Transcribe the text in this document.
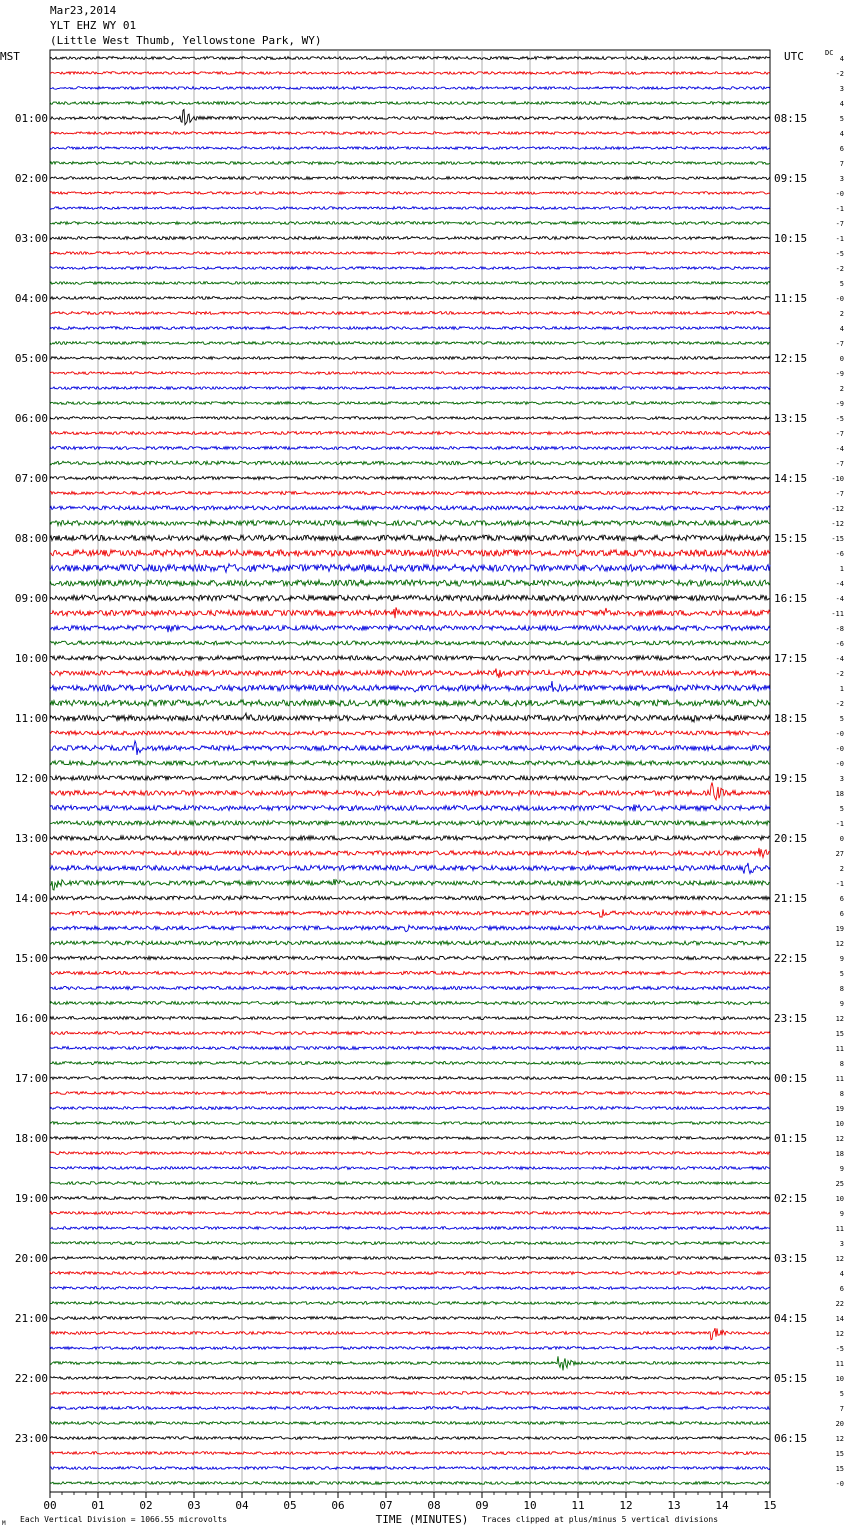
Mar23,2014
YLT EHZ WY 01
(Little West Thumb, Yellowstone Park, WY)
MST	UTC	DC
01:00
02:00
03:00
04:00
05:00
06:00
07:00
08:00
09:00
10:00
11:00
12:00
13:00
14:00
15:00
16:00
17:00
18:00
19:00
20:00
21:00
22:00
23:00
08:15
09:15
10:15
11:15
12:15
13:15
14:15
15:15
16:15
17:15
18:15
19:15
20:15
21:15
22:15
23:15
00:15
01:15
02:15
03:15
04:15
05:15
06:15
4
-2
3
4
5
4
6
7
3
-0
-1
-7
-1
-5
-2
5
-0
2
4
-7
0
-9
2
-9
-5
-7
-4
-7
-10
-7
-12
-12
-15
-6
1
-4
-4
-11
-8
-6
-4
-2
1
-2
5
-0
-0
-0
3
18
5
-1
0
27
2
-1
6
6
19
12
9
5
8
9
12
15
11
8
11
8
19
10
12
18
9
25
10
9
11
3
12
4
6
22
14
12
-5
11
10
5
7
20
12
15
15
-0
00	01	02	03	04	05	06	07	08	09	10	11	12	13	14	15
TIME (MINUTES)
Each Vertical Division = 1066.55 microvolts	Traces clipped at plus/minus 5 vertical divisions
M
